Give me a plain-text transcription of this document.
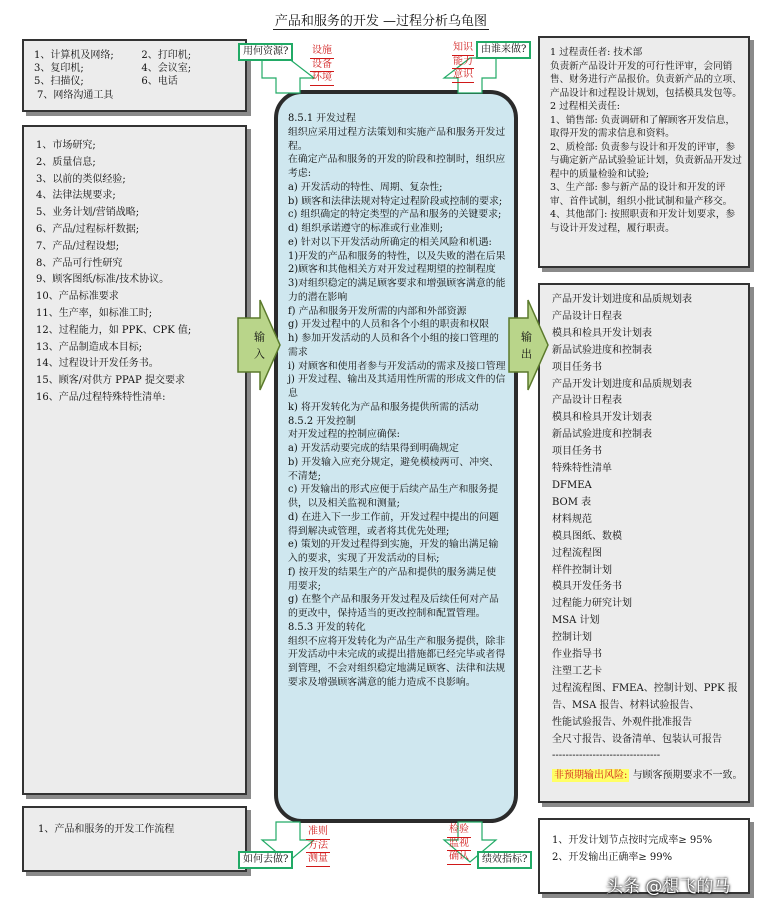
产品和服务的开发 —过程分析乌龟图
1、计算机及网络;	2、打印机;
3、复印机;	4、会议室;
5、扫描仪;	6、电话
7、网络沟通工具
1 过程责任者: 技术部
负责新产品设计开发的可行性评审，会同销售、财务进行产品报价。负责新产品的立项、产品设计和过程设计规划，包括模具发包等。
2 过程相关责任:
1、销售部: 负责调研和了解顾客开发信息，取得开发的需求信息和资料。
2、质检部: 负责参与设计和开发的评审，参与确定新产品试验验证计划，负责新品开发过程中的质量检验和试验;
3、生产部: 参与新产品的设计和开发的评审、首件试制，组织小批试制和量产移交。
4、其他部门: 按照职责和开发计划要求，参与设计开发过程，履行职责。
1、市场研究;
2、质量信息;
3、以前的类似经验;
4、法律法规要求;
5、业务计划/营销战略;
6、产品/过程标杆数据;
7、产品/过程设想;
8、产品可行性研究
9、顾客图纸/标准/技术协议。
10、产品标准要求
11、生产率，如标准工时;
12、过程能力，如 PPK、CPK 值;
13、产品制造成本目标;
14、过程设计开发任务书。
15、顾客/对供方 PPAP 提交要求
16、产品/过程特殊特性清单:
产品开发计划进度和品质规划表
产品设计日程表
模具和检具开发计划表
新品试验进度和控制表
项目任务书
产品开发计划进度和品质规划表
产品设计日程表
模具和检具开发计划表
新品试验进度和控制表
项目任务书
特殊特性清单
DFMEA
BOM 表
材料规范
模具图纸、数模
过程流程图
样件控制计划
模具开发任务书
过程能力研究计划
MSA 计划
控制计划
作业指导书
注塑工艺卡
过程流程图、FMEA、控制计划、PPK 报告、MSA 报告、材料试验报告、
性能试验报告、外观件批准报告
全尺寸报告、设备清单、包装认可报告
--------------------------------
非预期输出风险: 与顾客预期要求不一致。
8.5.1 开发过程
组织应采用过程方法策划和实施产品和服务开发过程。
在确定产品和服务的开发的阶段和控制时，组织应考虑:
a) 开发活动的特性、周期、复杂性;
b) 顾客和法律法规对特定过程阶段或控制的要求;
c) 组织确定的特定类型的产品和服务的关键要求;
d) 组织承诺遵守的标准或行业准则;
e) 针对以下开发活动所确定的相关风险和机遇:
1)开发的产品和服务的特性，以及失败的潜在后果
2)顾客和其他相关方对开发过程期望的控制程度
3)对组织稳定的满足顾客要求和增强顾客满意的能力的潜在影响
f) 产品和服务开发所需的内部和外部资源
g) 开发过程中的人员和各个小组的职责和权限
h) 参加开发活动的人员和各个小组的接口管理的需求
i) 对顾客和使用者参与开发活动的需求及接口管理
j) 开发过程、输出及其适用性所需的形成文件的信息
k) 将开发转化为产品和服务提供所需的活动
8.5.2 开发控制
对开发过程的控制应确保:
a) 开发活动要完成的结果得到明确规定
b) 开发输入应充分规定，避免模棱两可、冲突、不清楚;
c) 开发输出的形式应便于后续产品生产和服务提供，以及相关监视和测量;
d) 在进入下一步工作前，开发过程中提出的问题得到解决或管理，或者将其优先处理;
e) 策划的开发过程得到实施，开发的输出满足输入的要求，实现了开发活动的目标;
f) 按开发的结果生产的产品和提供的服务满足使用要求;
g) 在整个产品和服务开发过程及后续任何对产品的更改中，保持适当的更改控制和配置管理。
8.5.3 开发的转化
组织不应将开发转化为产品生产和服务提供，除非开发活动中未完成的或提出措施都已经完毕或者得到管理，不会对组织稳定地满足顾客、法律和法规要求及增强顾客满意的能力造成不良影响。
1、产品和服务的开发工作流程
1、开发计划节点按时完成率≥ 95%
2、开发输出正确率≥ 99%
输入	输出
用何资源?	设施
设备
环境
知识
能力
意识
由谁来做?
如何去做?
准则
方法
测量
检验
监视
确认	绩效指标?
头条 @想飞的马
